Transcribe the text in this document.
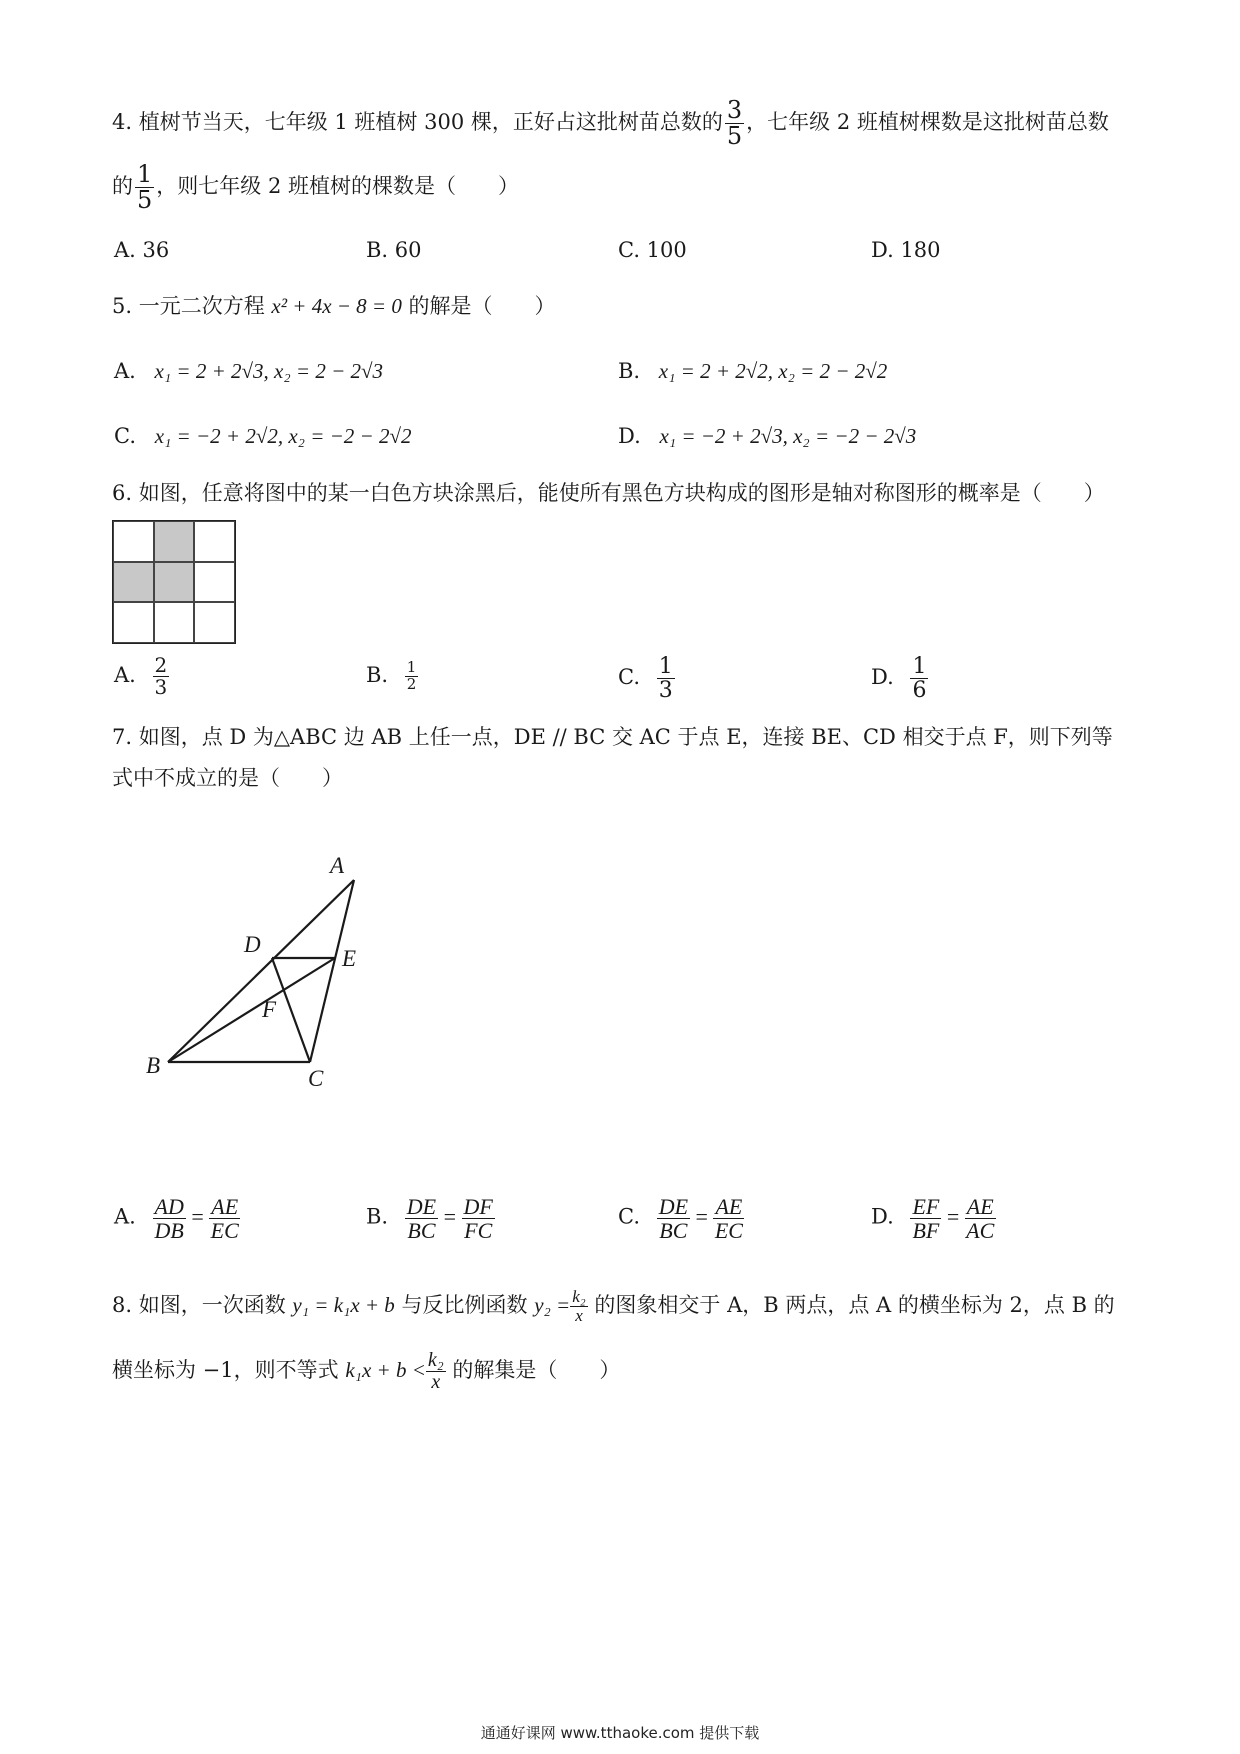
4. 植树节当天，七年级 1 班植树 300 棵，正好占这批树苗总数的 $\frac{3}{5}$ ，七年级 2 班植树棵数是这批树苗总数
的 $\frac{1}{5}$ ，则七年级 2 班植树的棵数是（　　）
A. 36	B. 60	C. 100	D. 180
5. 一元二次方程 x² + 4x − 8 = 0 的解是（　　）
A. x₁ = 2 + 2√3, x₂ = 2 − 2√3	B. x₁ = 2 + 2√2, x₂ = 2 − 2√2
C. x₁ = −2 + 2√2, x₂ = −2 − 2√2	D. x₁ = −2 + 2√3, x₂ = −2 − 2√3
6. 如图，任意将图中的某一白色方块涂黑后，能使所有黑色方块构成的图形是轴对称图形的概率是（　　）
A. $\frac{2}{3}$	B. $\frac{1}{2}$	C. $\frac{1}{3}$	D. $\frac{1}{6}$
7. 如图，点 D 为△ABC 边 AB 上任一点，DE // BC 交 AC 于点 E，连接 BE、CD 相交于点 F，则下列等
式中不成立的是（　　）
A
B
C
D
E
F
A. $\frac{AD}{DB} = \frac{AE}{EC}$	B. $\frac{DE}{BC} = \frac{DF}{FC}$	C. $\frac{DE}{BC} = \frac{AE}{EC}$	D. $\frac{EF}{BF} = \frac{AE}{AC}$
8. 如图，一次函数 y₁ = k₁x + b 与反比例函数 $y_2 = \frac{\text{k₂}}{x}$ 的图象相交于 A，B 两点，点 A 的横坐标为 2，点 B 的
横坐标为 −1，则不等式 $k_1x + b < \frac{\text{k₂}}{x}$ 的解集是（　　）
通通好课网 www.tthaoke.com 提供下载
